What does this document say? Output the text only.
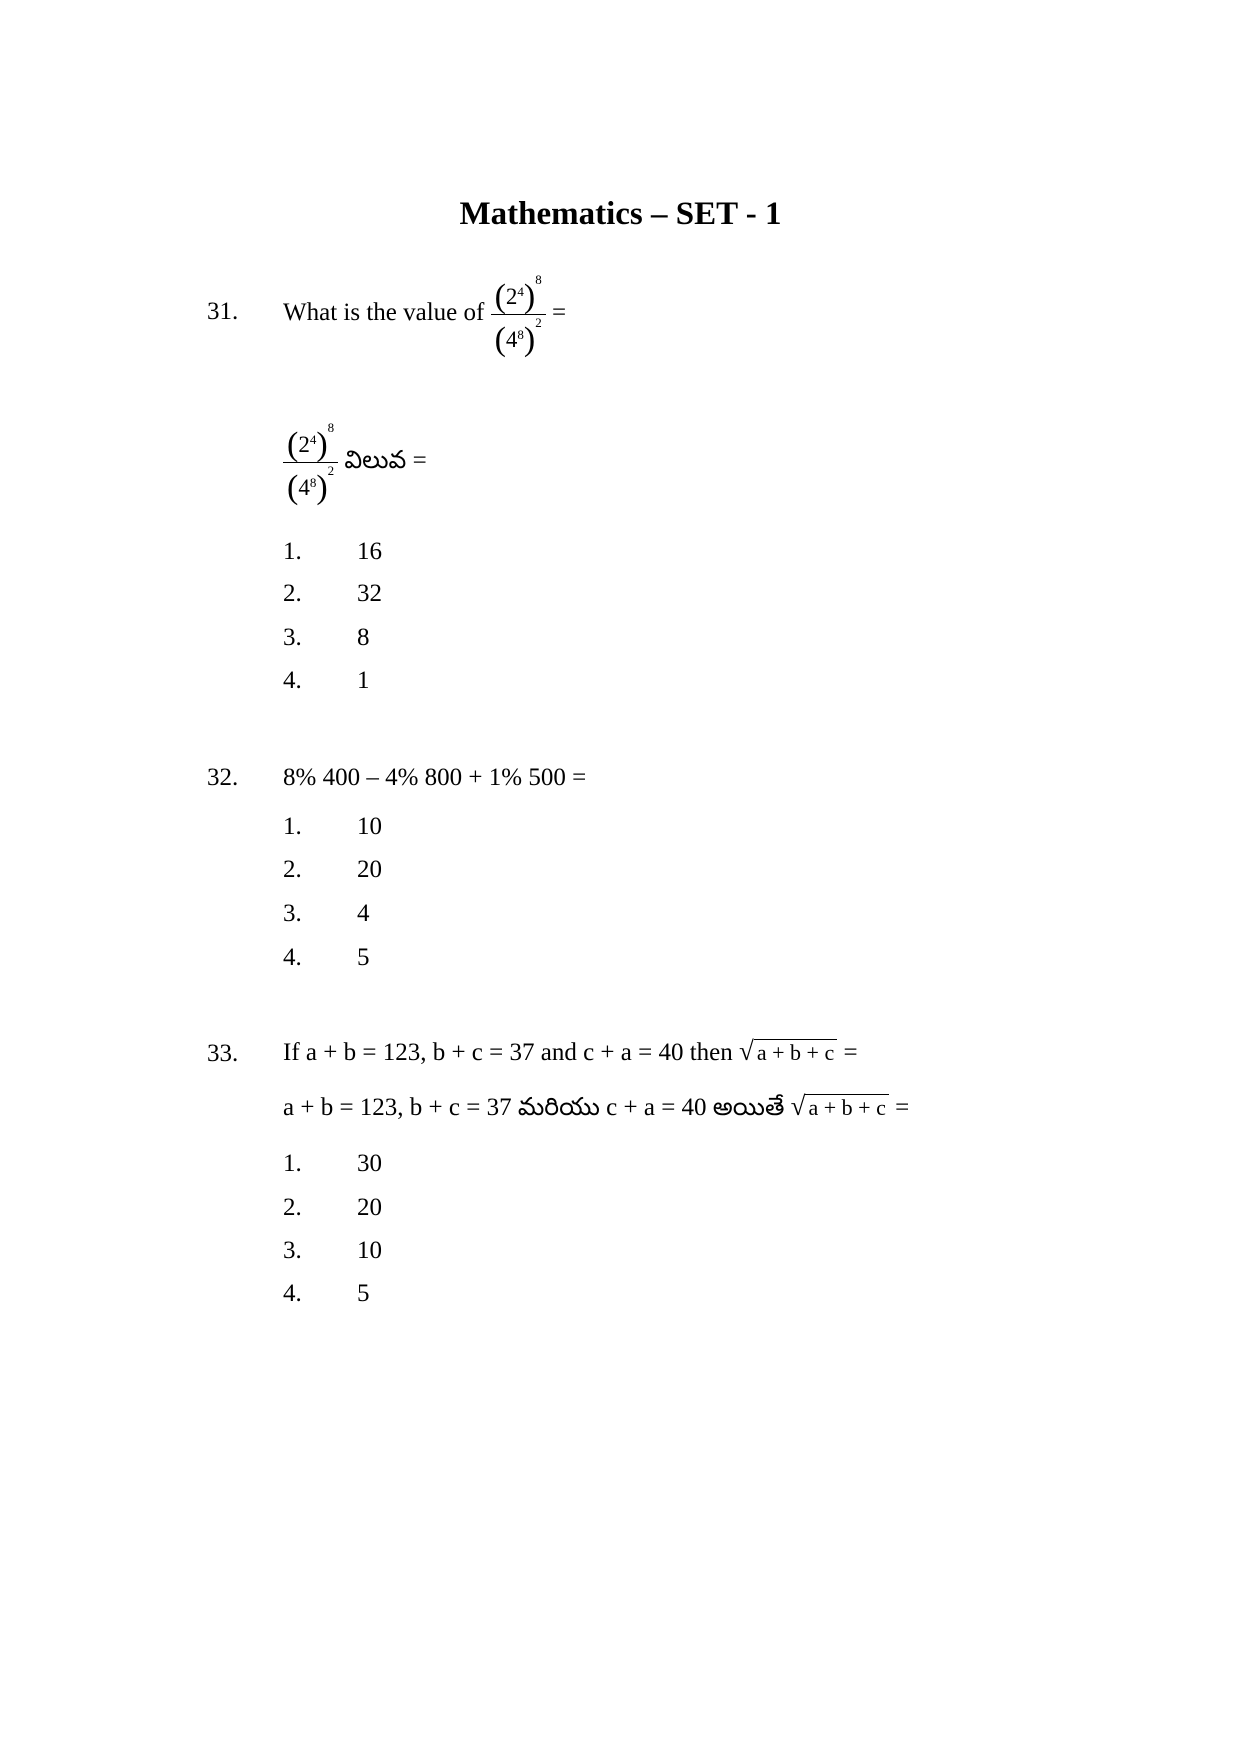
Mathematics – SET - 1
31. What is the value of $\frac{(2^4)^8}{(4^8)^2}$ =
$\frac{(2^4)^8}{(4^8)^2}$ విలువ =
1. 16
2. 32
3. 8
4. 1
32. 8% 400 – 4% 800 + 1% 500 =
1. 10
2. 20
3. 4
4. 5
33. If a + b = 123, b + c = 37 and c + a = 40 then √ a + b + c =
a + b = 123, b + c = 37 మరియు c + a = 40 అయితే √ a + b + c =
1. 30
2. 20
3. 10
4. 5
